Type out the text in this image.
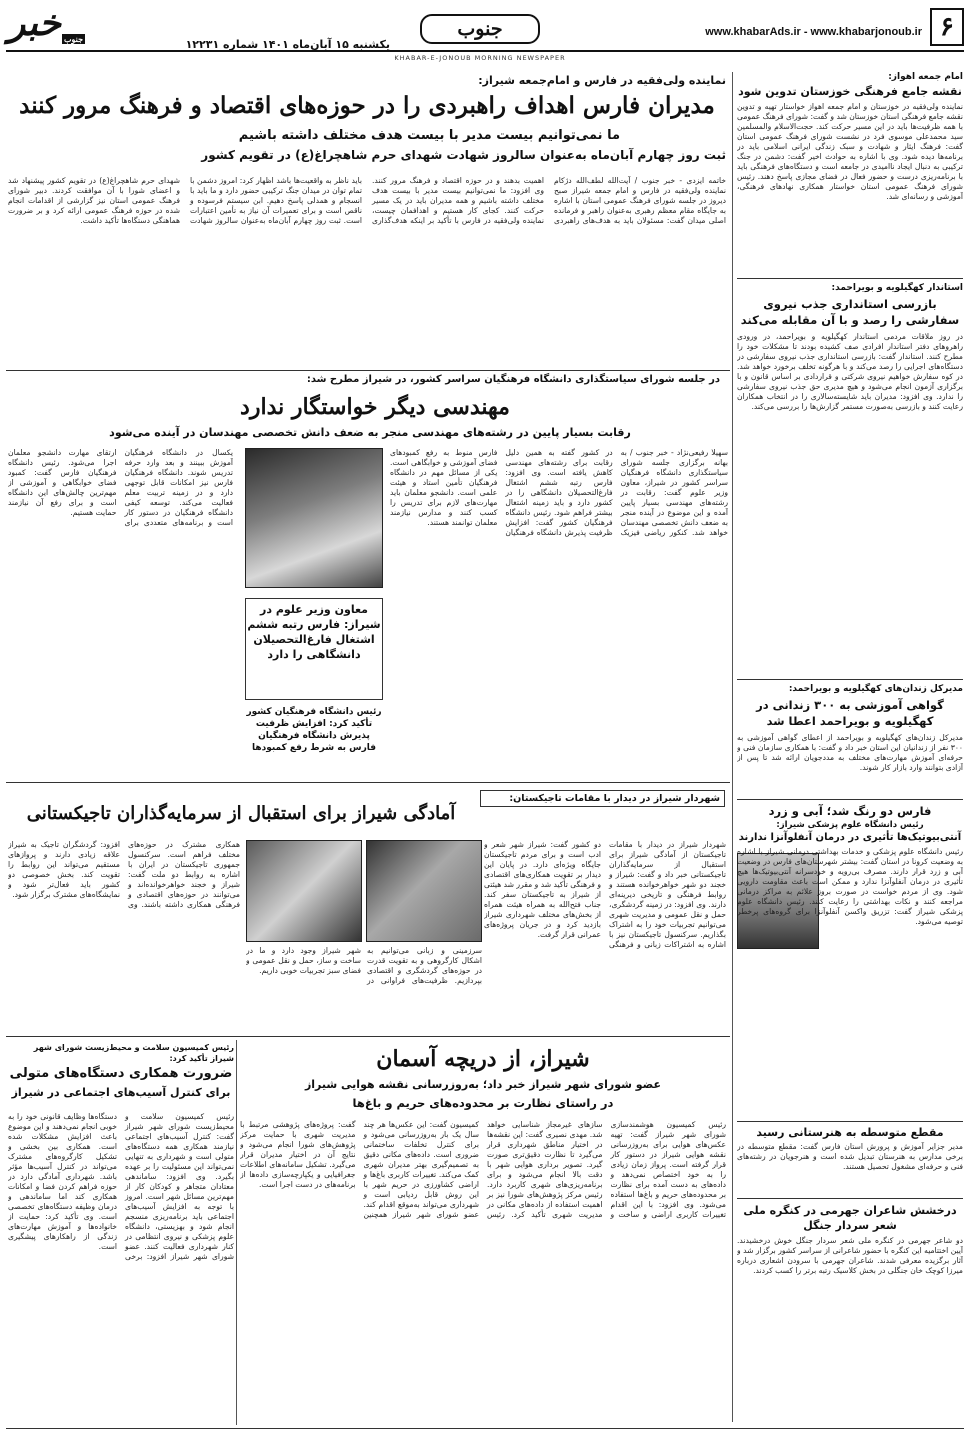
۶
www.khabarAds.ir - www.khabarjonoub.ir
جنوب
یکشنبه ۱۵ آبان‌ماه ۱۴۰۱ شماره ۱۲۲۳۱
KHABAR-E-JONOUB MORNING NEWSPAPER
خبر جنوب
امام جمعه اهواز:
نقشه جامع فرهنگی خوزستان تدوین شود
نماینده ولی‌فقیه در خوزستان و امام جمعه اهواز خواستار تهیه و تدوین نقشه جامع فرهنگی استان خوزستان شد و گفت: شورای فرهنگ عمومی با همه ظرفیت‌ها باید در این مسیر حرکت کند. حجت‌الاسلام والمسلمین سید محمدعلی موسوی فرد در نشست شورای فرهنگ عمومی استان گفت: فرهنگ ایثار و شهادت و سبک زندگی ایرانی اسلامی باید در برنامه‌ها دیده شود. وی با اشاره به حوادث اخیر گفت: دشمن در جنگ ترکیبی به دنبال ایجاد ناامیدی در جامعه است و دستگاه‌های فرهنگی باید با برنامه‌ریزی درست و حضور فعال در فضای مجازی پاسخ دهند. رئیس شورای فرهنگ عمومی استان خواستار همکاری نهادهای فرهنگی، آموزشی و رسانه‌ای شد.
استاندار کهگیلویه و بویراحمد:
بازرسی استانداری جذب نیروی سفارشی را رصد و با آن مقابله می‌کند
در روز ملاقات مردمی استاندار کهگیلویه و بویراحمد، در ورودی راهروهای دفتر استاندار افرادی صف کشیده بودند تا مشکلات خود را مطرح کنند. استاندار گفت: بازرسی استانداری جذب نیروی سفارشی در دستگاه‌های اجرایی را رصد می‌کند و با هرگونه تخلف برخورد خواهد شد. در کوه سفارش خواهیم نیروی شرکتی و قراردادی بر اساس قانون و با برگزاری آزمون انجام می‌شود و هیچ مدیری حق جذب نیروی سفارشی را ندارد. وی افزود: مدیران باید شایسته‌سالاری را در انتخاب همکاران رعایت کنند و بازرسی به‌صورت مستمر گزارش‌ها را بررسی می‌کند.
مدیرکل زندان‌های کهگیلویه و بویراحمد:
گواهی آموزشی به ۳۰۰ زندانی در کهگیلویه و بویراحمد اعطا شد
مدیرکل زندان‌های کهگیلویه و بویراحمد از اعطای گواهی آموزشی به ۳۰۰ نفر از زندانیان این استان خبر داد و گفت: با همکاری سازمان فنی و حرفه‌ای آموزش مهارت‌های مختلف به مددجویان ارائه شد تا پس از آزادی بتوانند وارد بازار کار شوند.
فارس دو رنگ شد؛ آبی و زرد
رئیس دانشگاه علوم پزشکی شیراز:
آنتی‌بیوتیک‌ها تأثیری در درمان آنفلوآنزا ندارند
رئیس دانشگاه علوم پزشکی و خدمات بهداشتی درمانی شیراز با اشاره به وضعیت کرونا در استان گفت: بیشتر شهرستان‌های فارس در وضعیت آبی و زرد قرار دارند. مصرف بی‌رویه و خودسرانه آنتی‌بیوتیک‌ها هیچ تأثیری در درمان آنفلوآنزا ندارد و ممکن است باعث مقاومت دارویی شود. وی از مردم خواست در صورت بروز علائم به مراکز درمانی مراجعه کنند و نکات بهداشتی را رعایت کنند. رئیس دانشگاه علوم پزشکی شیراز گفت: تزریق واکسن آنفلوآنزا برای گروه‌های پرخطر توصیه می‌شود.
مقطع متوسطه به هنرستانی رسید
مدیر جزایر آموزش و پرورش استان فارس گفت: مقطع متوسطه در برخی مدارس به هنرستان تبدیل شده است و هنرجویان در رشته‌های فنی و حرفه‌ای مشغول تحصیل هستند.
درخشش شاعران جهرمی در کنگره ملی شعر سردار جنگل
دو شاعر جهرمی در کنگره ملی شعر سردار جنگل خوش درخشیدند. آیین اختتامیه این کنگره با حضور شاعرانی از سراسر کشور برگزار شد و آثار برگزیده معرفی شدند. شاعران جهرمی با سرودن اشعاری درباره میرزا کوچک خان جنگلی در بخش کلاسیک رتبه برتر را کسب کردند.
نماینده ولی‌فقیه در فارس و امام‌جمعه شیراز:
مدیران فارس اهداف راهبردی را در حوزه‌های اقتصاد و فرهنگ مرور کنند
ما نمی‌توانیم بیست مدیر با بیست هدف مختلف داشته باشیم
ثبت روز چهارم آبان‌ماه به‌عنوان سالروز شهادت شهدای حرم شاهچراغ(ع) در تقویم کشور
خاتمه ایزدی - خبر جنوب / آیت‌الله لطف‌الله دژکام نماینده ولی‌فقیه در فارس و امام جمعه شیراز صبح دیروز در جلسه شورای فرهنگ عمومی استان با اشاره به جایگاه مقام معظم رهبری به‌عنوان راهبر و فرمانده اصلی میدان گفت: مسئولان باید به هدف‌های راهبردی اهمیت بدهند و در حوزه اقتصاد و فرهنگ مرور کنند. وی افزود: ما نمی‌توانیم بیست مدیر با بیست هدف مختلف داشته باشیم و همه مدیران باید در یک مسیر حرکت کنند. کجای کار هستیم و اهدافمان چیست، نماینده ولی‌فقیه در فارس با تأکید بر اینکه هدف‌گذاری باید ناظر به واقعیت‌ها باشد اظهار کرد: امروز دشمن با تمام توان در میدان جنگ ترکیبی حضور دارد و ما باید با انسجام و همدلی پاسخ دهیم. ابن سیستم فرسوده و ناقص است و برای تعمیرات آن نیاز به تأمین اعتبارات است. ثبت روز چهارم آبان‌ماه به‌عنوان سالروز شهادت شهدای حرم شاهچراغ(ع) در تقویم کشور پیشنهاد شد و اعضای شورا با آن موافقت کردند. دبیر شورای فرهنگ عمومی استان نیز گزارشی از اقدامات انجام شده در حوزه فرهنگ عمومی ارائه کرد و بر ضرورت هماهنگی دستگاه‌ها تأکید داشت.
در جلسه شورای سیاستگذاری دانشگاه فرهنگیان سراسر کشور، در شیراز مطرح شد:
مهندسی دیگر خواستگار ندارد
رقابت بسیار پایین در رشته‌های مهندسی منجر به ضعف دانش تخصصی مهندسان در آینده می‌شود
سهیلا رفیعی‌نژاد - خبر جنوب / به بهانه برگزاری جلسه شورای سیاستگذاری دانشگاه فرهنگیان سراسر کشور در شیراز، معاون وزیر علوم گفت: رقابت در رشته‌های مهندسی بسیار پایین آمده و این موضوع در آینده منجر به ضعف دانش تخصصی مهندسان خواهد شد. کنکور ریاضی فیزیک در کشور گفته به همین دلیل رقابت برای رشته‌های مهندسی کاهش یافته است. وی افزود: فارس رتبه ششم اشتغال فارغ‌التحصیلان دانشگاهی را در کشور دارد و باید زمینه اشتغال بیشتر فراهم شود. رئیس دانشگاه فرهنگیان کشور گفت: افزایش ظرفیت پذیرش دانشگاه فرهنگیان فارس منوط به رفع کمبودهای فضای آموزشی و خوابگاهی است. یکی از مسائل مهم در دانشگاه فرهنگیان تأمین استاد و هیئت علمی است. دانشجو معلمان باید مهارت‌های لازم برای تدریس را کسب کنند و مدارس نیازمند معلمان توانمند هستند.
یکسال در دانشگاه فرهنگیان آموزش ببینند و بعد وارد حرفه تدریس شوند. دانشگاه فرهنگیان فارس نیز امکانات قابل توجهی دارد و در زمینه تربیت معلم فعالیت می‌کند. توسعه کیفی دانشگاه فرهنگیان در دستور کار است و برنامه‌های متعددی برای ارتقای مهارت دانشجو معلمان اجرا می‌شود. رئیس دانشگاه فرهنگیان فارس گفت: کمبود فضای خوابگاهی و آموزشی از مهم‌ترین چالش‌های این دانشگاه است و برای رفع آن نیازمند حمایت هستیم.
معاون وزیر علوم در شیراز: فارس رتبه ششم اشتغال فارغ‌التحصیلان دانشگاهی را دارد
رئیس دانشگاه فرهنگیان کشور تأکید کرد: افزایش ظرفیت پذیرش دانشگاه فرهنگیان فارس به شرط رفع کمبودها
شهردار شیراز در دیدار با مقامات تاجیکستان:
آمادگی شیراز برای استقبال از سرمایه‌گذاران تاجیکستانی
شهردار شیراز در دیدار با مقامات تاجیکستان از آمادگی شیراز برای استقبال از سرمایه‌گذاران تاجیکستانی خبر داد و گفت: شیراز و خجند دو شهر خواهرخوانده هستند و روابط فرهنگی و تاریخی دیرینه‌ای دارند. وی افزود: در زمینه گردشگری، حمل و نقل عمومی و مدیریت شهری می‌توانیم تجربیات خود را به اشتراک بگذاریم. سرکنسول تاجیکستان نیز با اشاره به اشتراکات زبانی و فرهنگی دو کشور گفت: شیراز شهر شعر و ادب است و برای مردم تاجیکستان جایگاه ویژه‌ای دارد. در پایان این دیدار بر تقویت همکاری‌های اقتصادی و فرهنگی تأکید شد و مقرر شد هیئتی از شیراز به تاجیکستان سفر کند. جناب فتح‌الله به همراه هیئت همراه از بخش‌های مختلف شهرداری شیراز بازدید کرد و در جریان پروژه‌های عمرانی قرار گرفت.
همکاری مشترک در حوزه‌های مختلف فراهم است. سرکنسول جمهوری تاجیکستان در ایران با اشاره به روابط دو ملت گفت: شیراز و خجند خواهرخوانده‌اند و می‌توانند در حوزه‌های اقتصادی و فرهنگی همکاری داشته باشند. وی افزود: گردشگران تاجیک به شیراز علاقه زیادی دارند و پروازهای مستقیم می‌تواند این روابط را تقویت کند. بخش خصوصی دو کشور باید فعال‌تر شود و نمایشگاه‌های مشترک برگزار شود.
سرزمینی و زبانی می‌توانیم به اشکال کارگروهی و به تقویت قدرت در حوزه‌های گردشگری و اقتصادی بپردازیم. ظرفیت‌های فراوانی در شهر شیراز وجود دارد و ما در ساخت و ساز، حمل و نقل عمومی و فضای سبز تجربیات خوبی داریم.
شیراز، از دریچه آسمان
عضو شورای شهر شیراز خبر داد؛ به‌روزرسانی نقشه هوایی شیراز
در راستای نظارت بر محدوده‌های حریم و باغ‌ها
رئیس کمیسیون هوشمندسازی شورای شهر شیراز گفت: تهیه عکس‌های هوایی برای به‌روزرسانی نقشه هوایی شیراز در دستور کار قرار گرفته است. پرواز زمان زیادی را به خود اختصاص نمی‌دهد و داده‌های به دست آمده برای نظارت بر محدوده‌های حریم و باغ‌ها استفاده می‌شود. وی افزود: با این اقدام تغییرات کاربری اراضی و ساخت و سازهای غیرمجاز شناسایی خواهد شد. مهدی نصیری گفت: این نقشه‌ها در اختیار مناطق شهرداری قرار می‌گیرد تا نظارت دقیق‌تری صورت گیرد. تصویر برداری هوایی شهر با دقت بالا انجام می‌شود و برای برنامه‌ریزی‌های شهری کاربرد دارد. رئیس مرکز پژوهش‌های شورا نیز بر اهمیت استفاده از داده‌های مکانی در مدیریت شهری تأکید کرد. رئیس کمیسیون گفت: این عکس‌ها هر چند سال یک بار به‌روزرسانی می‌شود و برای کنترل تخلفات ساختمانی ضروری است. داده‌های مکانی دقیق به تصمیم‌گیری بهتر مدیران شهری کمک می‌کند. تغییرات کاربری باغ‌ها و اراضی کشاورزی در حریم شهر با این روش قابل ردیابی است و شهرداری می‌تواند به‌موقع اقدام کند. عضو شورای شهر شیراز همچنین گفت: پروژه‌های پژوهشی مرتبط با مدیریت شهری با حمایت مرکز پژوهش‌های شورا انجام می‌شود و نتایج آن در اختیار مدیران قرار می‌گیرد. تشکیل سامانه‌های اطلاعات جغرافیایی و یکپارچه‌سازی داده‌ها از برنامه‌های در دست اجرا است.
رئیس کمیسیون سلامت و محیط‌زیست شورای شهر شیراز تأکید کرد:
ضرورت همکاری دستگاه‌های متولی
برای کنترل آسیب‌های اجتماعی در شیراز
رئیس کمیسیون سلامت و محیط‌زیست شورای شهر شیراز گفت: کنترل آسیب‌های اجتماعی نیازمند همکاری همه دستگاه‌های متولی است و شهرداری به تنهایی نمی‌تواند این مسئولیت را بر عهده بگیرد. وی افزود: ساماندهی معتادان متجاهر و کودکان کار از مهم‌ترین مسائل شهر است. امروز با توجه به افزایش آسیب‌های اجتماعی باید برنامه‌ریزی منسجم انجام شود و بهزیستی، دانشگاه علوم پزشکی و نیروی انتظامی در کنار شهرداری فعالیت کنند. عضو شورای شهر شیراز افزود: برخی دستگاه‌ها وظایف قانونی خود را به خوبی انجام نمی‌دهند و این موضوع باعث افزایش مشکلات شده است. همکاری بین بخشی و تشکیل کارگروه‌های مشترک می‌تواند در کنترل آسیب‌ها مؤثر باشد. شهرداری آمادگی دارد در حوزه فراهم کردن فضا و امکانات همکاری کند اما ساماندهی و درمان وظیفه دستگاه‌های تخصصی است. وی تأکید کرد: حمایت از خانواده‌ها و آموزش مهارت‌های زندگی از راهکارهای پیشگیری است.
